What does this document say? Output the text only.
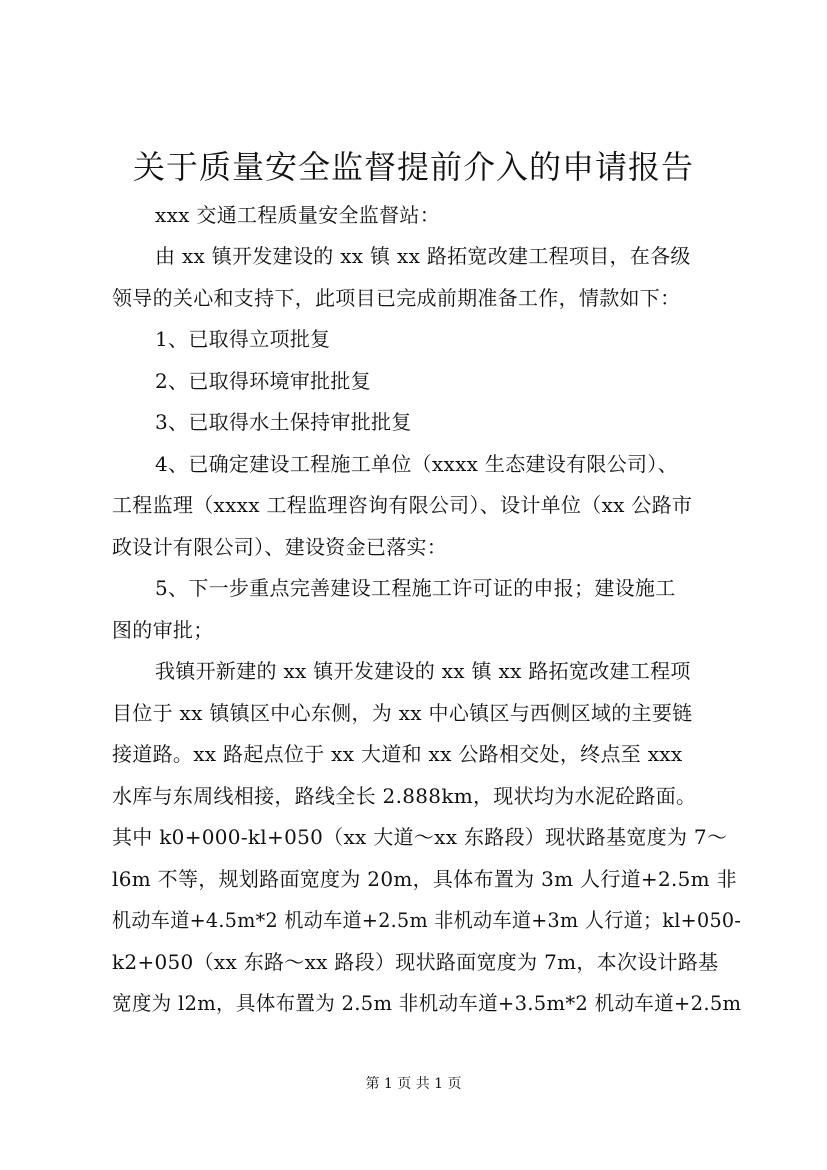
关于质量安全监督提前介入的申请报告
xxx 交通工程质量安全监督站：
由 xx 镇开发建设的 xx 镇 xx 路拓宽改建工程项目，在各级
领导的关心和支持下，此项目已完成前期准备工作，情款如下：
1、已取得立项批复
2、已取得环境审批批复
3、已取得水土保持审批批复
4、已确定建设工程施工单位（xxxx 生态建设有限公司）、
工程监理（xxxx 工程监理咨询有限公司）、设计单位（xx 公路市
政设计有限公司）、建设资金已落实：
5、下一步重点完善建设工程施工许可证的申报；建设施工
图的审批；
我镇开新建的 xx 镇开发建设的 xx 镇 xx 路拓宽改建工程项
目位于 xx 镇镇区中心东侧，为 xx 中心镇区与西侧区域的主要链
接道路。xx 路起点位于 xx 大道和 xx 公路相交处，终点至 xxx
水库与东周线相接，路线全长 2.888km，现状均为水泥砼路面。
其中 k0+000-kl+050（xx 大道～xx 东路段）现状路基宽度为 7～
l6m 不等，规划路面宽度为 20m，具体布置为 3m 人行道+2.5m 非
机动车道+4.5m*2 机动车道+2.5m 非机动车道+3m 人行道；kl+050-
k2+050（xx 东路～xx 路段）现状路面宽度为 7m，本次设计路基
宽度为 l2m，具体布置为 2.5m 非机动车道+3.5m*2 机动车道+2.5m
第 1 页 共 1 页
